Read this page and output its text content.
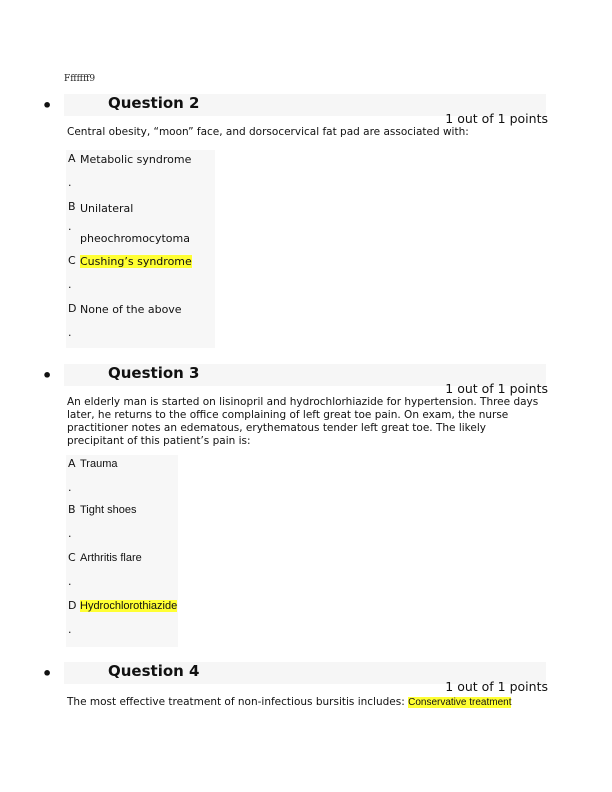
Fffffff9
•	Question 2
1 out of 1 points
Central obesity, “moon” face, and dorsocervical fat pad are associated with:
A Metabolic syndrome
.
B Unilateral
.
pheochromocytoma
C Cushing’s syndrome
.
D None of the above
.
•	Question 3
1 out of 1 points
An elderly man is started on lisinopril and hydrochlorhiazide for hypertension. Three days
later, he returns to the office complaining of left great toe pain. On exam, the nurse
practitioner notes an edematous, erythematous tender left great toe. The likely
precipitant of this patient’s pain is:
A Trauma
.
B Tight shoes
.
C Arthritis flare
.
D Hydrochlorothiazide
.
•	Question 4
1 out of 1 points
The most effective treatment of non-infectious bursitis includes: Conservative treatment
